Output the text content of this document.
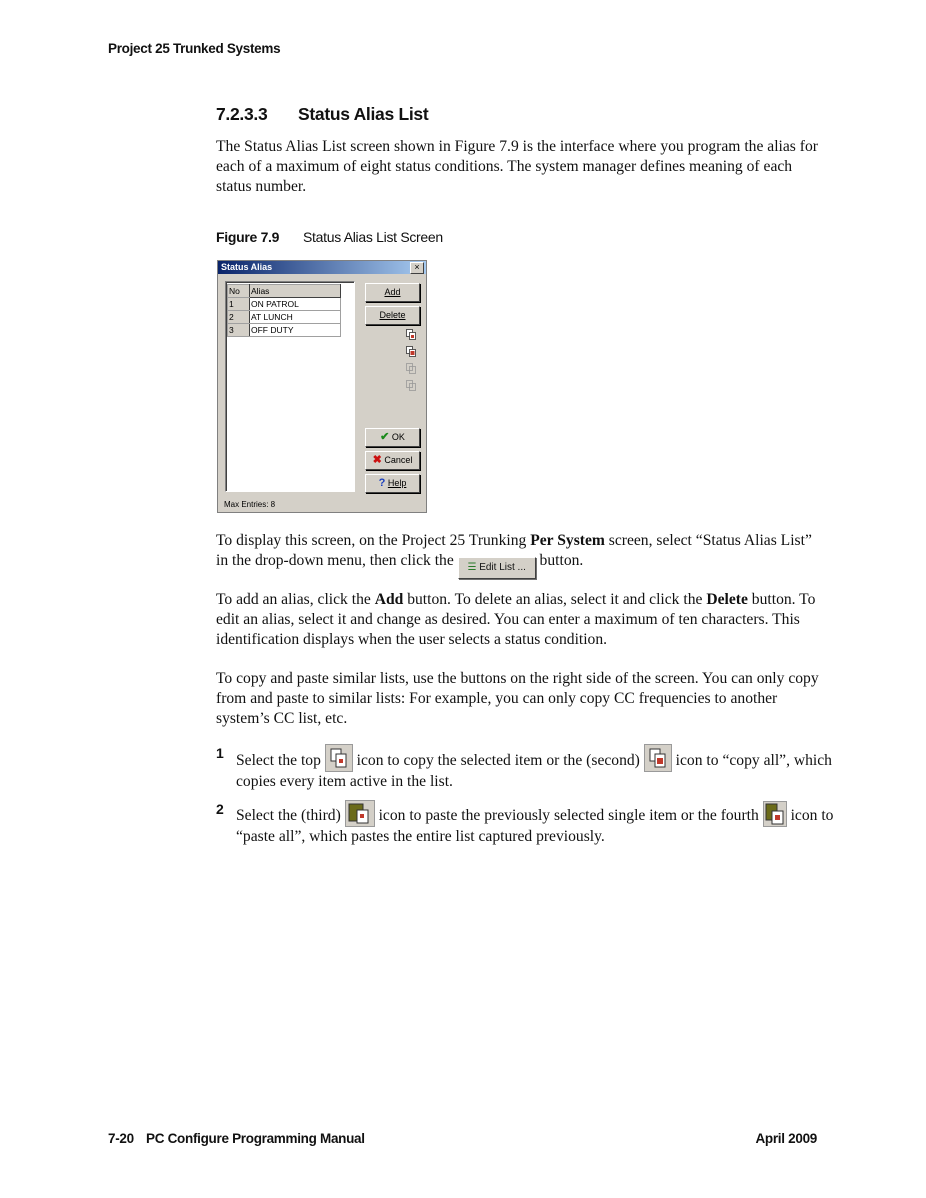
Project 25 Trunked Systems
7.2.3.3 Status Alias List
The Status Alias List screen shown in Figure 7.9 is the interface where you program the alias for each of a maximum of eight status conditions. The system manager defines meaning of each status number.
Figure 7.9 Status Alias List Screen
Status Alias	×
No	Alias
1	ON PATROL
2	AT LUNCH
3	OFF DUTY
Add
Delete
✔ OK
✖ Cancel
? Help
Max Entries: 8
To display this screen, on the Project 25 Trunking Per System screen, select “Status Alias List” in the drop-down menu, then click the ☰ Edit List ... button.
To add an alias, click the Add button. To delete an alias, select it and click the Delete button. To edit an alias, select it and change as desired. You can enter a maximum of ten characters. This identification displays when the user selects a status condition.
To copy and paste similar lists, use the buttons on the right side of the screen. You can only copy from and paste to similar lists: For example, you can only copy CC frequencies to another system’s CC list, etc.
1 Select the top  icon to copy the selected item or the (second)  icon to “copy all”, which copies every item active in the list.
2 Select the (third)  icon to paste the previously selected single item or the fourth  icon to “paste all”, which pastes the entire list captured previously.
7-20 PC Configure Programming Manual	April 2009
